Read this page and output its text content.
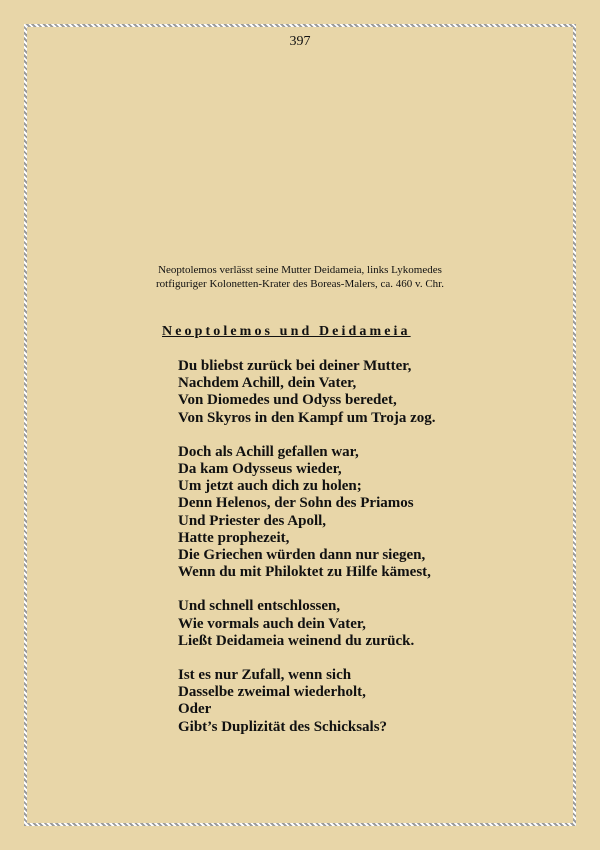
397
Neoptolemos verlässt seine Mutter Deidameia, links Lykomedes
rotfiguriger Kolonetten-Krater des Boreas-Malers, ca. 460 v. Chr.
Neoptolemos und Deidameia
Du bliebst zurück bei deiner Mutter,
Nachdem Achill, dein Vater,
Von Diomedes und Odyss beredet,
Von Skyros in den Kampf um Troja zog.
Doch als Achill gefallen war,
Da kam Odysseus wieder,
Um jetzt auch dich zu holen;
Denn Helenos, der Sohn des Priamos
Und Priester des Apoll,
Hatte prophezeit,
Die Griechen würden dann nur siegen,
Wenn du mit Philoktet zu Hilfe kämest,
Und schnell entschlossen,
Wie vormals auch dein Vater,
Ließt Deidameia weinend du zurück.
Ist es nur Zufall, wenn sich
Dasselbe zweimal wiederholt,
Oder
Gibt’s Duplizität des Schicksals?
